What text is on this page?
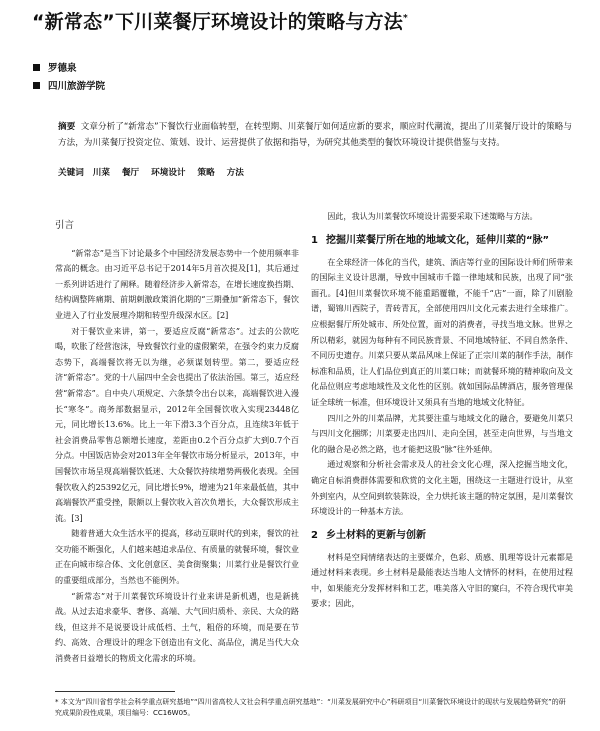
“新常态”下川菜餐厅环境设计的策略与方法*
罗德泉
四川旅游学院
摘要 文章分析了“新常态”下餐饮行业面临转型，在转型期、川菜餐厅如何适应新的要求，顺应时代潮流，提出了川菜餐厅设计的策略与方法，为川菜餐厅投资定位、策划、设计、运营提供了依据和指导，为研究其他类型的餐饮环境设计提供借鉴与支持。
关键词 川菜 餐厅 环境设计 策略 方法
引言

“新常态”是当下讨论最多个中国经济发展态势中一个使用频率非常高的概念。由习近平总书记于2014年5月首次提及[1]，其后通过一系列讲话进行了阐释。随着经济步入新常态，在增长速度换挡期、结构调整阵痛期、前期刺激政策消化期的“三期叠加”新常态下，餐饮业进入了行业发展理冷期和转型升级深水区。[2]

对于餐饮业来讲，第一，要适应反腐“新常态”。过去的公款吃喝，吹胀了经营泡沫，导致餐饮行业的虚假繁荣，在强令约束力反腐态势下，高端餐饮将无以为继，必须谋划转型。第二，要适应经济“新常态”。党的十八届四中全会也提出了依法治国。第三，适应经营“新常态”。自中央八项规定、六条禁令出台以来，高端餐饮进入漫长“寒冬”。商务部数据显示，2012年全国餐饮收入实现23448亿元，同比增长13.6%。比上一年下滑3.3个百分点，且连续3年低于社会消费品零售总额增长速度，差距由0.2个百分点扩大到0.7个百分点。中国饭店协会对2013年全年餐饮市场分析显示，2013年，中国餐饮市场呈现高端餐饮低迷、大众餐饮持续增势两极化表现。全国餐饮收入约25392亿元，同比增长9%，增速为21年来最低值，其中高端餐饮严重受挫，限额以上餐饮收入首次负增长，大众餐饮形成主流。[3]

随着普通大众生活水平的提高，移动互联时代的到来，餐饮的社交功能不断强化，人们越来越追求品位、有质量的就餐环境，餐饮业正在向城市综合体、文化创意区、美食街聚集；川菜行业是餐饮行业的重要组成部分，当然也不能例外。

“新常态”对于川菜餐饮环境设计行业来讲是新机遇，也是新挑战。从过去追求豪华、奢侈、高端、大气回归质朴、亲民、大众的路线，但这并不是说要设计成低档、土气，粗俗的环境，而是要在节约、高效、合理设计的理念下创造出有文化、高品位，满足当代大众消费者日益增长的物质文化需求的环境。

因此，我认为川菜餐饮环境设计需要采取下述策略与方法。

1 挖掘川菜餐厅所在地的地域文化，延伸川菜的“脉”

在全球经济一体化的当代，建筑、酒店等行业的国际设计师们所带来的国际主义设计思潮，导致中国城市千篇一律地域和民族，出现了同“张面孔。[4]但川菜餐饮环境不能重蹈覆辙，不能千“店”一面，除了川剧脸谱，蜀锦川西院子，青砖青瓦，全部使用四川文化元素去进行全球推广。应根据餐厅所处城市、所处位置，面对的消费者，寻找当地文脉。世界之所以精彩，就因为每种有不同民族背景、不同地域特征、不同自然条件、不同历史遗存。川菜只要从菜品风味上保证了正宗川菜的制作手法，制作标准和品质，让人们品位到真正的川菜口味；而就餐环境的精神取向及文化品位则应考虑地域性及文化性的区别。就如国际品牌酒店，服务管理保证全球统一标准，但环境设计又须具有当地的地域文化特征。

四川之外的川菜品牌，尤其要注重与地域文化的融合，要避免川菜只与四川文化捆绑；川菜要走出四川、走向全国，甚至走向世界，与当地文化的融合是必然之路，也才能把这股“脉”往外延伸。

通过观察和分析社会需求及人的社会文化心理，深入挖掘当地文化，确定自标消费群体需要和欣赏的文化主题，围绕这一主题进行设计，从室外到室内，从空间到软装陈设，全力烘托该主题的特定氛围，是川菜餐饮环境设计的一种基本方法。

2 乡土材料的更新与创新

材料是空间情绪表达的主要媒介，色彩、质感、肌理等设计元素都是通过材料来表现。乡土材料是最能表达当地人文情怀的材料，在使用过程中，如果能充分发挥材料和工艺，唯美落入守旧的窠臼，不符合现代审美要求；因此，

* 本文为“四川省哲学社会科学重点研究基地”“四川省高校人文社会科学重点研究基地”：“川菜发展研究中心”科研项目“川菜餐饮环境设计的现状与发展趋势研究”的研究成果阶段性成果，项目编号：CC16W05。
